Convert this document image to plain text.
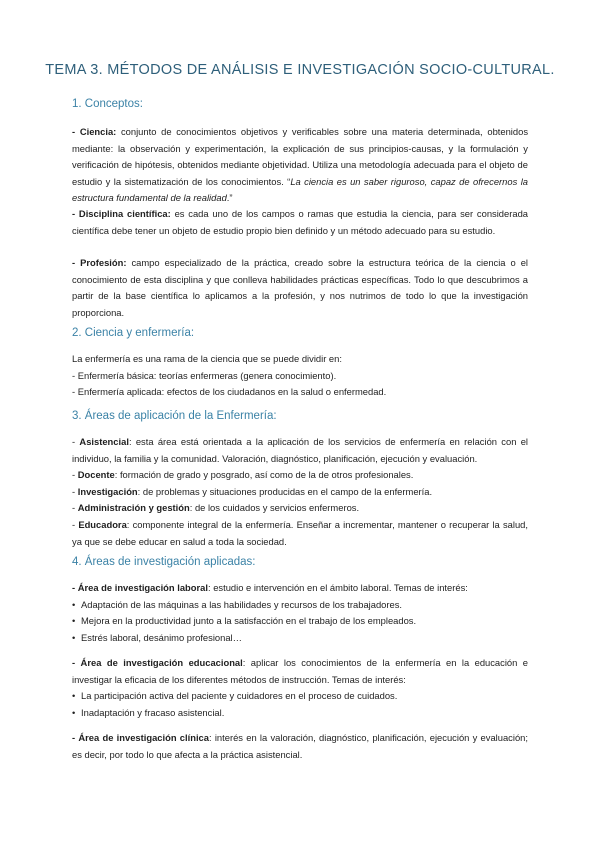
TEMA 3. MÉTODOS DE ANÁLISIS E INVESTIGACIÓN SOCIO-CULTURAL.
1. Conceptos:

- Ciencia: conjunto de conocimientos objetivos y verificables sobre una materia determinada, obtenidos mediante: la observación y experimentación, la explicación de sus principios-causas, y la formulación y verificación de hipótesis, obtenidos mediante objetividad. Utiliza una metodología adecuada para el objeto de estudio y la sistematización de los conocimientos. “La ciencia es un saber riguroso, capaz de ofrecernos la estructura fundamental de la realidad.”

- Disciplina científica: es cada uno de los campos o ramas que estudia la ciencia, para ser considerada científica debe tener un objeto de estudio propio bien definido y un método adecuado para su estudio.

- Profesión: campo especializado de la práctica, creado sobre la estructura teórica de la ciencia o el conocimiento de esta disciplina y que conlleva habilidades prácticas específicas. Todo lo que descubrimos a partir de la base científica lo aplicamos a la profesión, y nos nutrimos de todo lo que la investigación proporciona.

2. Ciencia y enfermería:

La enfermería es una rama de la ciencia que se puede dividir en:
- Enfermería básica: teorías enfermeras (genera conocimiento).
- Enfermería aplicada: efectos de los ciudadanos en la salud o enfermedad.

3. Áreas de aplicación de la Enfermería:

- Asistencial: esta área está orientada a la aplicación de los servicios de enfermería en relación con el individuo, la familia y la comunidad. Valoración, diagnóstico, planificación, ejecución y evaluación.
- Docente: formación de grado y posgrado, así como de la de otros profesionales.
- Investigación: de problemas y situaciones producidas en el campo de la enfermería.
- Administración y gestión: de los cuidados y servicios enfermeros.
- Educadora: componente integral de la enfermería. Enseñar a incrementar, mantener o recuperar la salud, ya que se debe educar en salud a toda la sociedad.

4. Áreas de investigación aplicadas:

- Área de investigación laboral: estudio e intervención en el ámbito laboral. Temas de interés:
• Adaptación de las máquinas a las habilidades y recursos de los trabajadores.
• Mejora en la productividad junto a la satisfacción en el trabajo de los empleados.
• Estrés laboral, desánimo profesional…

- Área de investigación educacional: aplicar los conocimientos de la enfermería en la educación e investigar la eficacia de los diferentes métodos de instrucción. Temas de interés:
• La participación activa del paciente y cuidadores en el proceso de cuidados.
• Inadaptación y fracaso asistencial.

- Área de investigación clínica: interés en la valoración, diagnóstico, planificación, ejecución y evaluación; es decir, por todo lo que afecta a la práctica asistencial.
